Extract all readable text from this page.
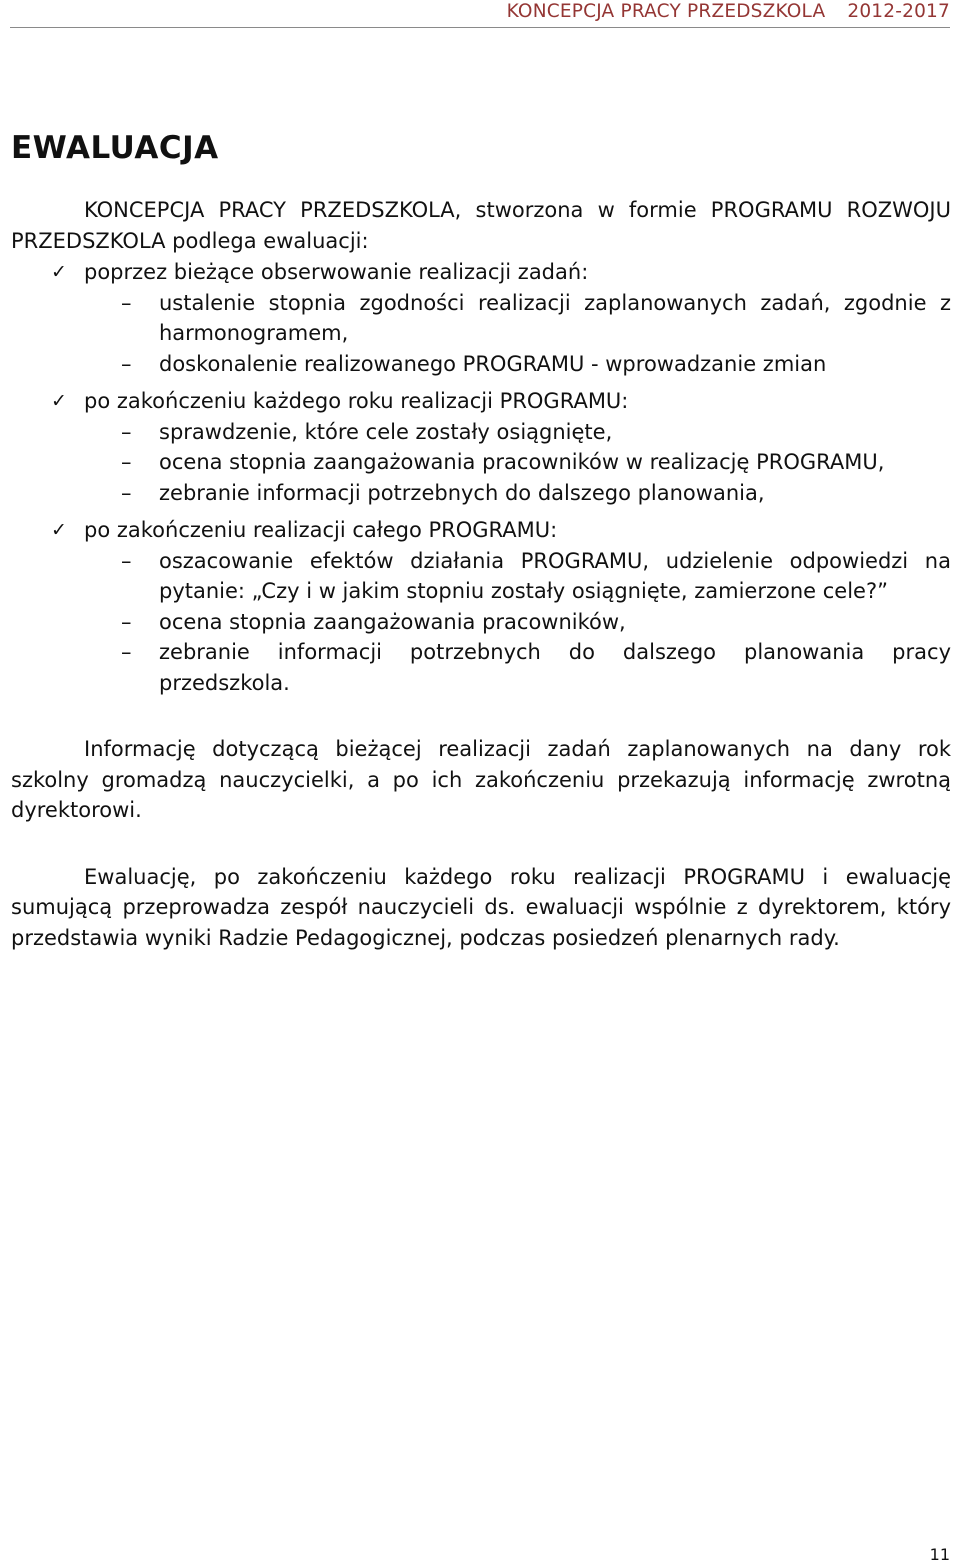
KONCEPCJA PRACY PRZEDSZKOLA 2012-2017
EWALUACJA

KONCEPCJA PRACY PRZEDSZKOLA, stworzona w formie PROGRAMU ROZWOJU PRZEDSZKOLA podlega ewaluacji:

✓ poprzez bieżące obserwowanie realizacji zadań:

– ustalenie stopnia zgodności realizacji zaplanowanych zadań, zgodnie z harmonogramem,
– doskonalenie realizowanego PROGRAMU - wprowadzanie zmian
✓ po zakończeniu każdego roku realizacji PROGRAMU:

– sprawdzenie, które cele zostały osiągnięte,
– ocena stopnia zaangażowania pracowników w realizację PROGRAMU,
– zebranie informacji potrzebnych do dalszego planowania,
✓ po zakończeniu realizacji całego PROGRAMU:

– oszacowanie efektów działania PROGRAMU, udzielenie odpowiedzi na pytanie: „Czy i w jakim stopniu zostały osiągnięte, zamierzone cele?”
– ocena stopnia zaangażowania pracowników,
– zebranie informacji potrzebnych do dalszego planowania pracy przedszkola.

Informację dotyczącą bieżącej realizacji zadań zaplanowanych na dany rok szkolny gromadzą nauczycielki, a po ich zakończeniu przekazują informację zwrotną dyrektorowi.

Ewaluację, po zakończeniu każdego roku realizacji PROGRAMU i ewaluację sumującą przeprowadza zespół nauczycieli ds. ewaluacji wspólnie z dyrektorem, który przedstawia wyniki Radzie Pedagogicznej, podczas posiedzeń plenarnych rady.

11
